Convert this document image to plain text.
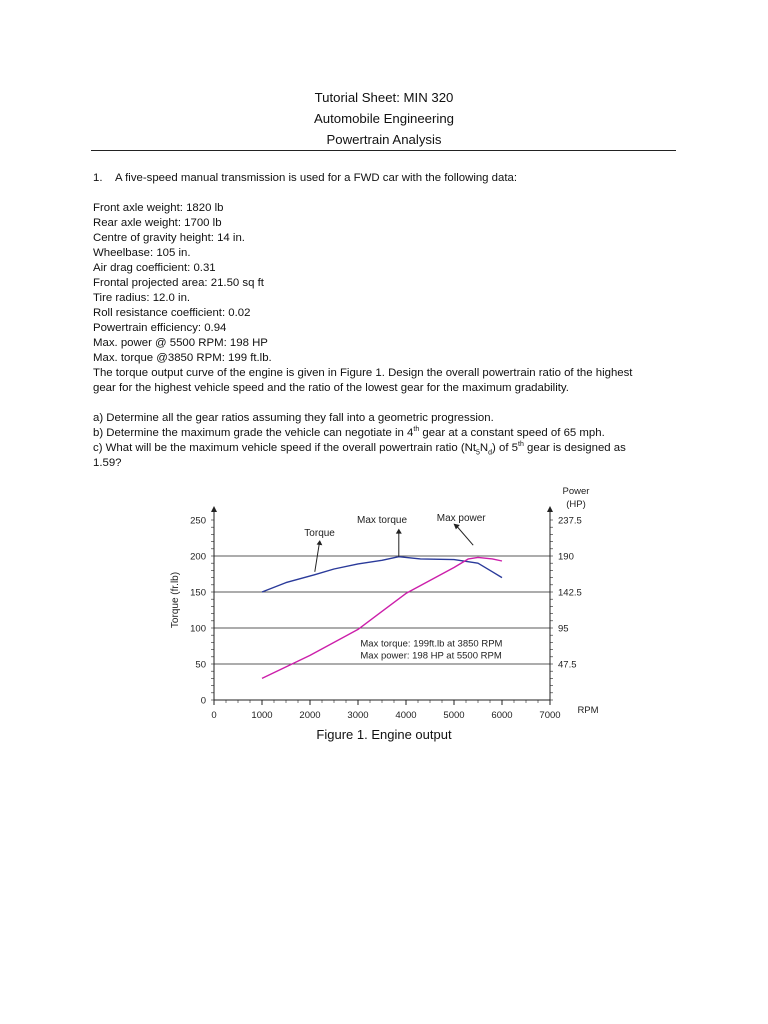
Tutorial Sheet: MIN 320
Automobile Engineering
Powertrain Analysis
1.	A five-speed manual transmission is used for a FWD car with the following data:
Front axle weight: 1820 lb
Rear axle weight: 1700 lb
Centre of gravity height: 14 in.
Wheelbase: 105 in.
Air drag coefficient: 0.31
Frontal projected area: 21.50 sq ft
Tire radius: 12.0 in.
Roll resistance coefficient: 0.02
Powertrain efficiency: 0.94
Max. power @ 5500 RPM: 198 HP
Max. torque @3850 RPM: 199 ft.lb.
The torque output curve of the engine is given in Figure 1. Design the overall powertrain ratio of the highest
gear for the highest vehicle speed and the ratio of the lowest gear for the maximum gradability.
a) Determine all the gear ratios assuming they fall into a geometric progression.
b) Determine the maximum grade the vehicle can negotiate in 4th gear at a constant speed of 65 mph.
c) What will be the maximum vehicle speed if the overall powertrain ratio $(Nt_5N_d)$ of 5th gear is designed as
1.59?
0
50
100
150
200
250
47.5
95
142.5
190
237.5
0	1000	2000	3000	4000	5000	6000	7000
Torque (fr.lb)
Power
(HP)
RPM
Torque
Max torque	Max power
Max torque: 199ft.lb at 3850 RPM
Max power: 198 HP at 5500 RPM
Figure 1. Engine output
